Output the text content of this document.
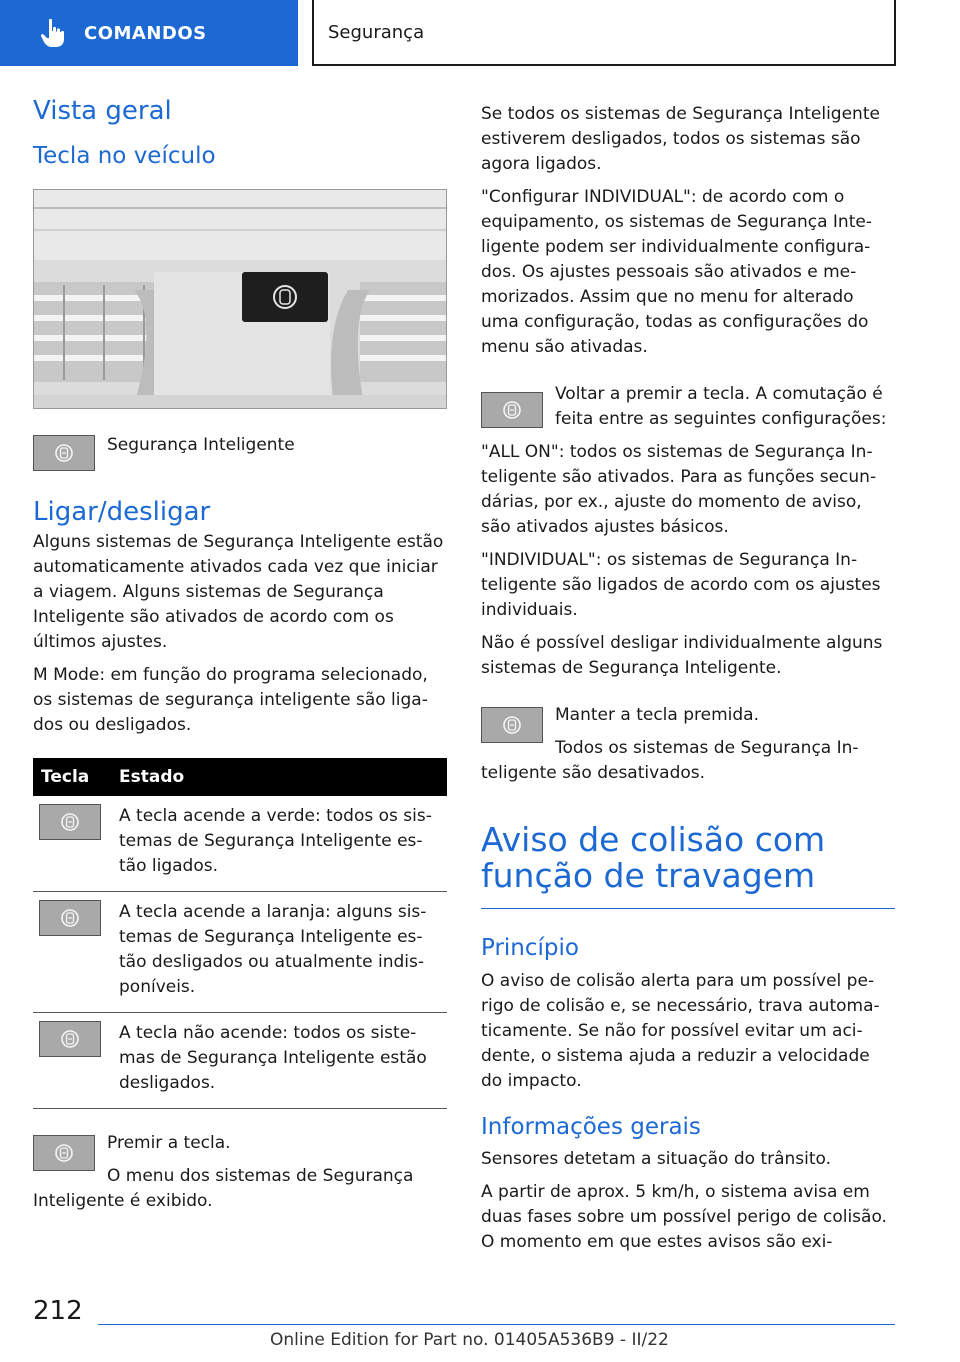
COMANDOS	Segurança
Vista geral
Tecla no veículo

Segurança Inteligente

Ligar/desligar

Alguns sistemas de Segurança Inteligente estão automaticamente ativados cada vez que iniciar a viagem. Alguns sistemas de Segurança Inteligente são ativados de acordo com os últimos ajustes.

M Mode: em função do programa selecionado, os sistemas de segurança inteligente são ligados ou desligados.

Tecla	Estado

A tecla acende a verde: todos os sistemas de Segurança Inteligente estão ligados.

A tecla acende a laranja: alguns sistemas de Segurança Inteligente estão desligados ou atualmente indisponíveis.

A tecla não acende: todos os sistemas de Segurança Inteligente estão desligados.

Premir a tecla.

O menu dos sistemas de Segurança Inteligente é exibido.

Se todos os sistemas de Segurança Inteligente estiverem desligados, todos os sistemas são agora ligados.

"Configurar INDIVIDUAL": de acordo com o equipamento, os sistemas de Segurança Inteligente podem ser individualmente configurados. Os ajustes pessoais são ativados e memorizados. Assim que no menu for alterado uma configuração, todas as configurações do menu são ativadas.

Voltar a premir a tecla. A comutação é feita entre as seguintes configurações:

"ALL ON": todos os sistemas de Segurança Inteligente são ativados. Para as funções secundárias, por ex., ajuste do momento de aviso, são ativados ajustes básicos.

"INDIVIDUAL": os sistemas de Segurança Inteligente são ligados de acordo com os ajustes individuais.

Não é possível desligar individualmente alguns sistemas de Segurança Inteligente.

Manter a tecla premida.

Todos os sistemas de Segurança Inteligente são desativados.

Aviso de colisão com função de travagem
Princípio

O aviso de colisão alerta para um possível perigo de colisão e, se necessário, trava automaticamente. Se não for possível evitar um acidente, o sistema ajuda a reduzir a velocidade do impacto.

Informações gerais

Sensores detetam a situação do trânsito.

A partir de aprox. 5 km/h, o sistema avisa em duas fases sobre um possível perigo de colisão. O momento em que estes avisos são exi-

212
Online Edition for Part no. 01405A536B9 - II/22
